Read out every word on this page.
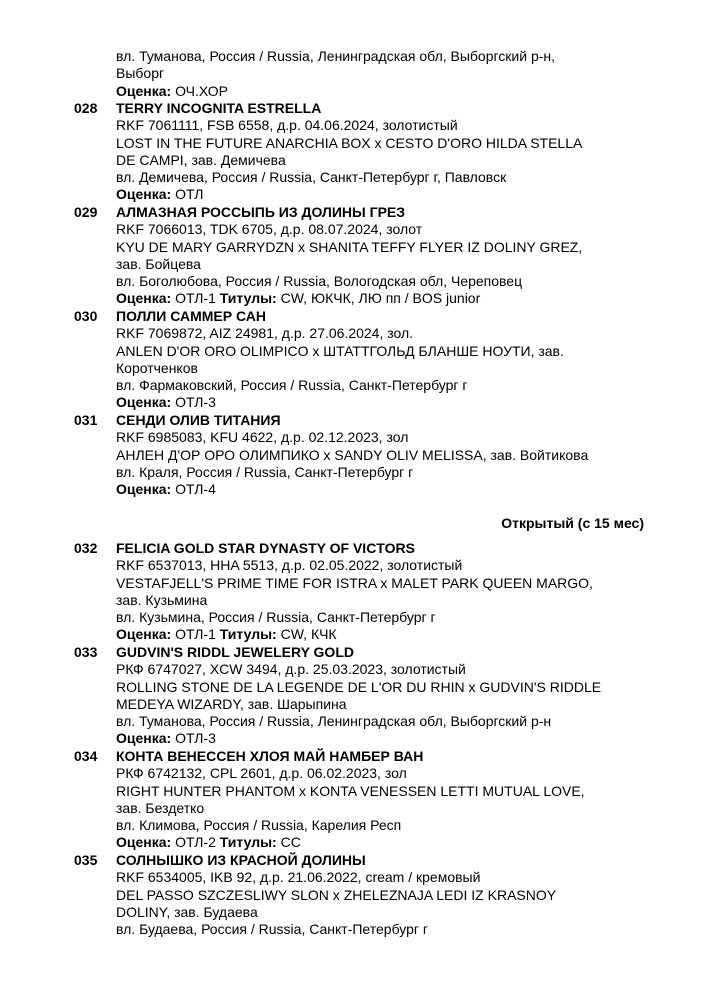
вл. Туманова, Россия / Russia, Ленинградская обл, Выборгский р-н,
Выборг
Оценка: ОЧ.ХОР
028	TERRY INCOGNITA ESTRELLA
RKF 7061111, FSB 6558, д.р. 04.06.2024, золотистый
LOST IN THE FUTURE ANARCHIA BOX x CESTO D'ORO HILDA STELLA
DE CAMPI, зав. Демичева
вл. Демичева, Россия / Russia, Санкт-Петербург г, Павловск
Оценка: ОТЛ
029	АЛМАЗНАЯ РОССЫПЬ ИЗ ДОЛИНЫ ГРЕЗ
RKF 7066013, TDK 6705, д.р. 08.07.2024, золот
KYU DE MARY GARRYDZN x SHANITA TEFFY FLYER IZ DOLINY GREZ,
зав. Бойцева
вл. Боголюбова, Россия / Russia, Вологодская обл, Череповец
Оценка: ОТЛ-1 Титулы: CW, ЮКЧК, ЛЮ пп / BOS junior
030	ПОЛЛИ САММЕР САН
RKF 7069872, AIZ 24981, д.р. 27.06.2024, зол.
ANLEN D'OR ORO OLIMPICO x ШТАТТГОЛЬД БЛАНШЕ НОУТИ, зав.
Коротченков
вл. Фармаковский, Россия / Russia, Санкт-Петербург г
Оценка: ОТЛ-3
031	СЕНДИ ОЛИВ ТИТАНИЯ
RKF 6985083, KFU 4622, д.р. 02.12.2023, зол
АНЛЕН Д'ОР ОРО ОЛИМПИКО x SANDY OLIV MELISSA, зав. Войтикова
вл. Краля, Россия / Russia, Санкт-Петербург г
Оценка: ОТЛ-4
Открытый (с 15 мес)
032	FELICIA GOLD STAR DYNASTY OF VICTORS
RKF 6537013, HHA 5513, д.р. 02.05.2022, золотистый
VESTAFJELL'S PRIME TIME FOR ISTRA x MALET PARK QUEEN MARGO,
зав. Кузьмина
вл. Кузьмина, Россия / Russia, Санкт-Петербург г
Оценка: ОТЛ-1 Титулы: CW, КЧК
033	GUDVIN'S RIDDL JEWELERY GOLD
РКФ 6747027, XCW 3494, д.р. 25.03.2023, золотистый
ROLLING STONE DE LA LEGENDE DE L'OR DU RHIN x GUDVIN'S RIDDLE
MEDEYA WIZARDY, зав. Шарыпина
вл. Туманова, Россия / Russia, Ленинградская обл, Выборгский р-н
Оценка: ОТЛ-3
034	КОНТА ВЕНЕССЕН ХЛОЯ МАЙ НАМБЕР ВАН
РКФ 6742132, CPL 2601, д.р. 06.02.2023, зол
RIGHT HUNTER PHANTOM x KONTA VENESSEN LETTI MUTUAL LOVE,
зав. Бездетко
вл. Климова, Россия / Russia, Карелия Респ
Оценка: ОТЛ-2 Титулы: CC
035	СОЛНЫШКО ИЗ КРАСНОЙ ДОЛИНЫ
RKF 6534005, IKB 92, д.р. 21.06.2022, cream / кремовый
DEL PASSO SZCZESLIWY SLON x ZHELEZNAJA LEDI IZ KRASNOY
DOLINY, зав. Будаева
вл. Будаева, Россия / Russia, Санкт-Петербург г
